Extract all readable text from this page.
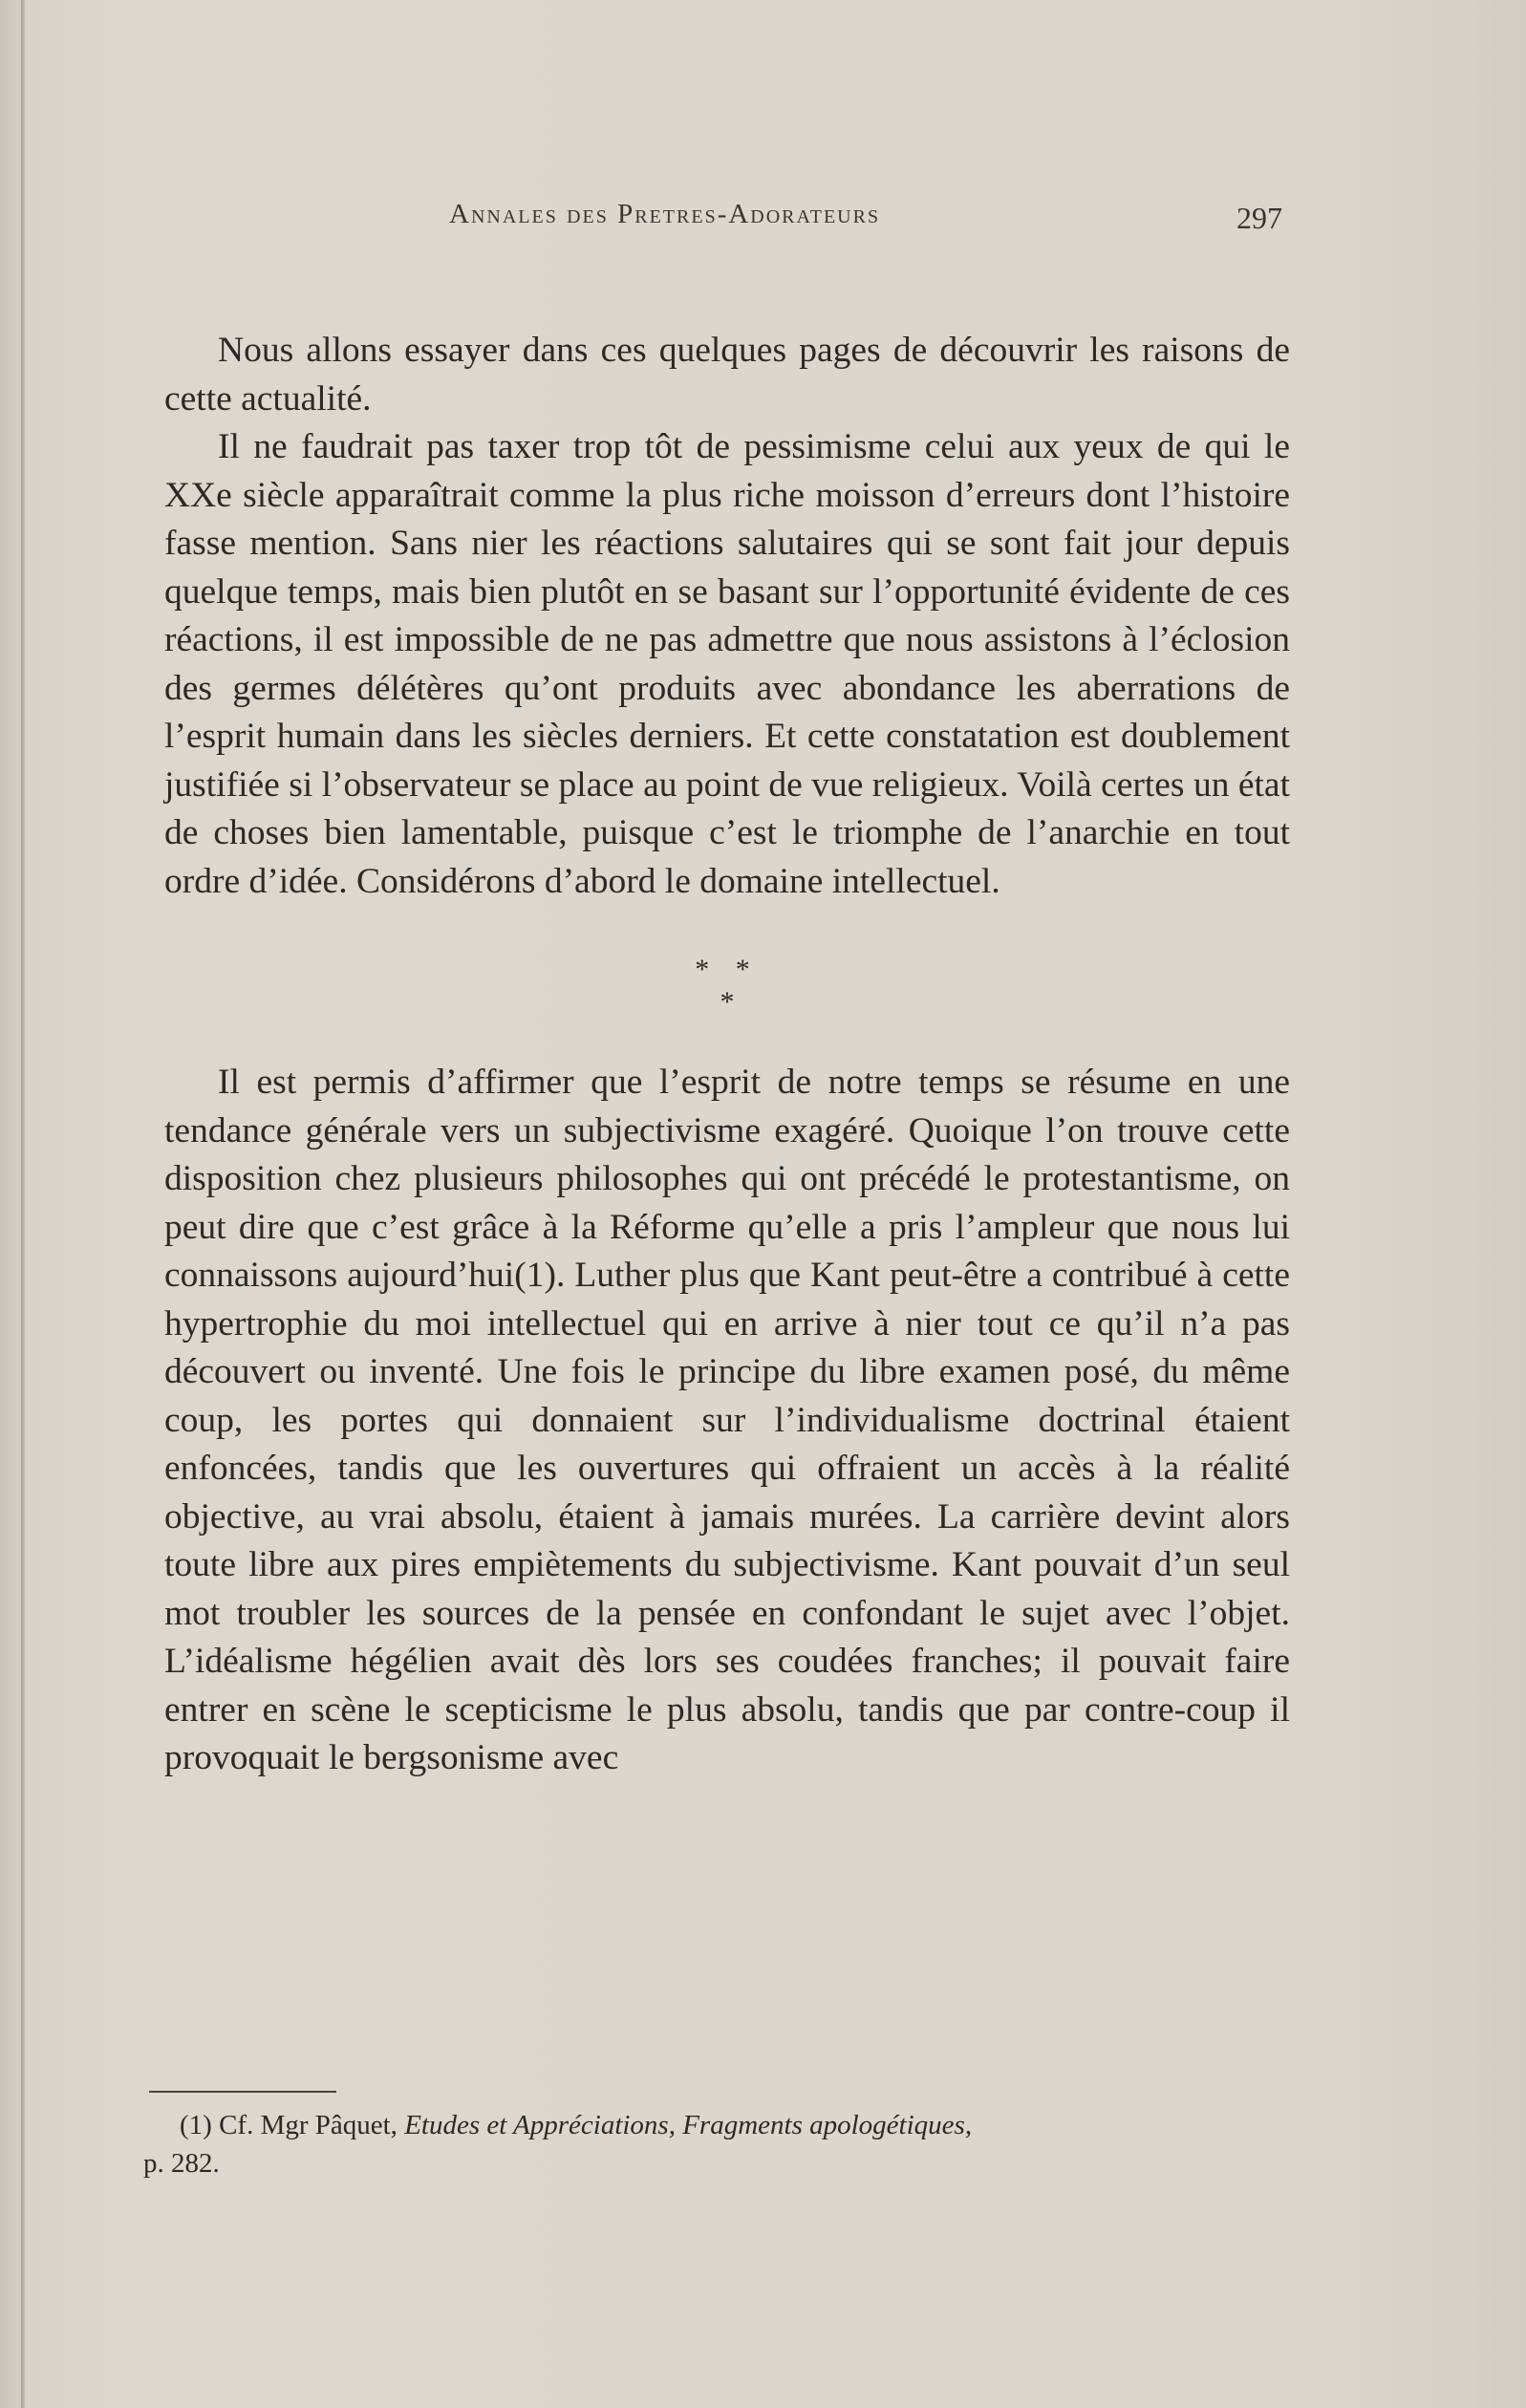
Annales des Pretres-Adorateurs	297

Nous allons essayer dans ces quelques pages de découvrir les raisons de cette actualité.

Il ne faudrait pas taxer trop tôt de pessimisme celui aux yeux de qui le XXe siècle apparaîtrait comme la plus riche moisson d’erreurs dont l’histoire fasse mention. Sans nier les réactions salutaires qui se sont fait jour depuis quelque temps, mais bien plutôt en se basant sur l’opportunité évidente de ces réactions, il est impossible de ne pas admettre que nous assistons à l’éclosion des germes délétères qu’ont produits avec abondance les aberrations de l’esprit humain dans les siècles derniers. Et cette constatation est doublement justifiée si l’observateur se place au point de vue religieux. Voilà certes un état de choses bien lamentable, puisque c’est le triomphe de l’anarchie en tout ordre d’idée. Considérons d’abord le domaine intellectuel.

* *
*

Il est permis d’affirmer que l’esprit de notre temps se résume en une tendance générale vers un subjectivisme exagéré. Quoique l’on trouve cette disposition chez plusieurs philosophes qui ont précédé le protestantisme, on peut dire que c’est grâce à la Réforme qu’elle a pris l’ampleur que nous lui connaissons aujourd’hui(1). Luther plus que Kant peut-être a contribué à cette hypertrophie du moi intellectuel qui en arrive à nier tout ce qu’il n’a pas découvert ou inventé. Une fois le principe du libre examen posé, du même coup, les portes qui donnaient sur l’individualisme doctrinal étaient enfoncées, tandis que les ouvertures qui offraient un accès à la réalité objective, au vrai absolu, étaient à jamais murées. La carrière devint alors toute libre aux pires empiètements du subjectivisme. Kant pouvait d’un seul mot troubler les sources de la pensée en confondant le sujet avec l’objet. L’idéalisme hégélien avait dès lors ses coudées franches; il pouvait faire entrer en scène le scepticisme le plus absolu, tandis que par contre-coup il provoquait le bergsonisme avec

(1) Cf. Mgr Pâquet, Etudes et Appréciations, Fragments apologétiques,

p. 282.
